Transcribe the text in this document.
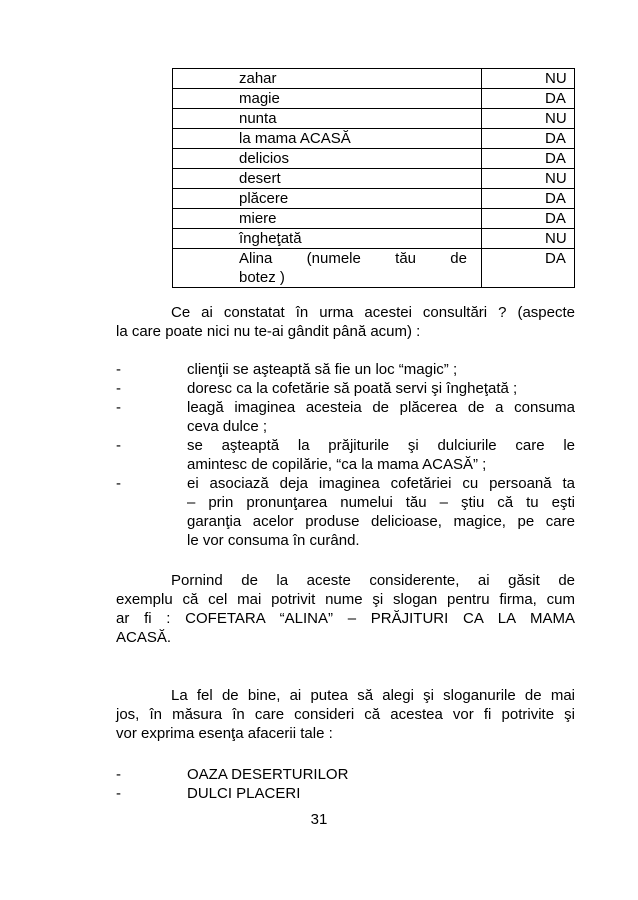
zahar	NU
magie	DA
nunta	NU
la mama ACASĂ	DA
delicios	DA
desert	NU
plăcere	DA
miere	DA
îngheţată	NU

Alina (numele tău de
botez )	DA
Ce ai constatat în urma acestei consultări ? (aspecte
la care poate nici nu te-ai gândit până acum) :
-	clienţii se aşteaptă să fie un loc “magic” ;
-	doresc ca la cofetărie să poată servi şi îngheţată ;
-	leagă imaginea acesteia de plăcerea de a consuma
ceva dulce ;
-	se aşteaptă la prăjiturile şi dulciurile care le
amintesc de copilărie, “ca la mama ACASĂ” ;
-	ei asociază deja imaginea cofetăriei cu persoană ta
– prin pronunţarea numelui tău – ştiu că tu eşti
garanţia acelor produse delicioase, magice, pe care
le vor consuma în curând.
Pornind de la aceste considerente, ai găsit de
exemplu că cel mai potrivit nume şi slogan pentru firma, cum
ar fi : COFETARA “ALINA” – PRĂJITURI CA LA MAMA
ACASĂ.
La fel de bine, ai putea să alegi şi sloganurile de mai
jos, în măsura în care consideri că acestea vor fi potrivite şi
vor exprima esenţa afacerii tale :
-	OAZA DESERTURILOR
-	DULCI PLACERI
31
